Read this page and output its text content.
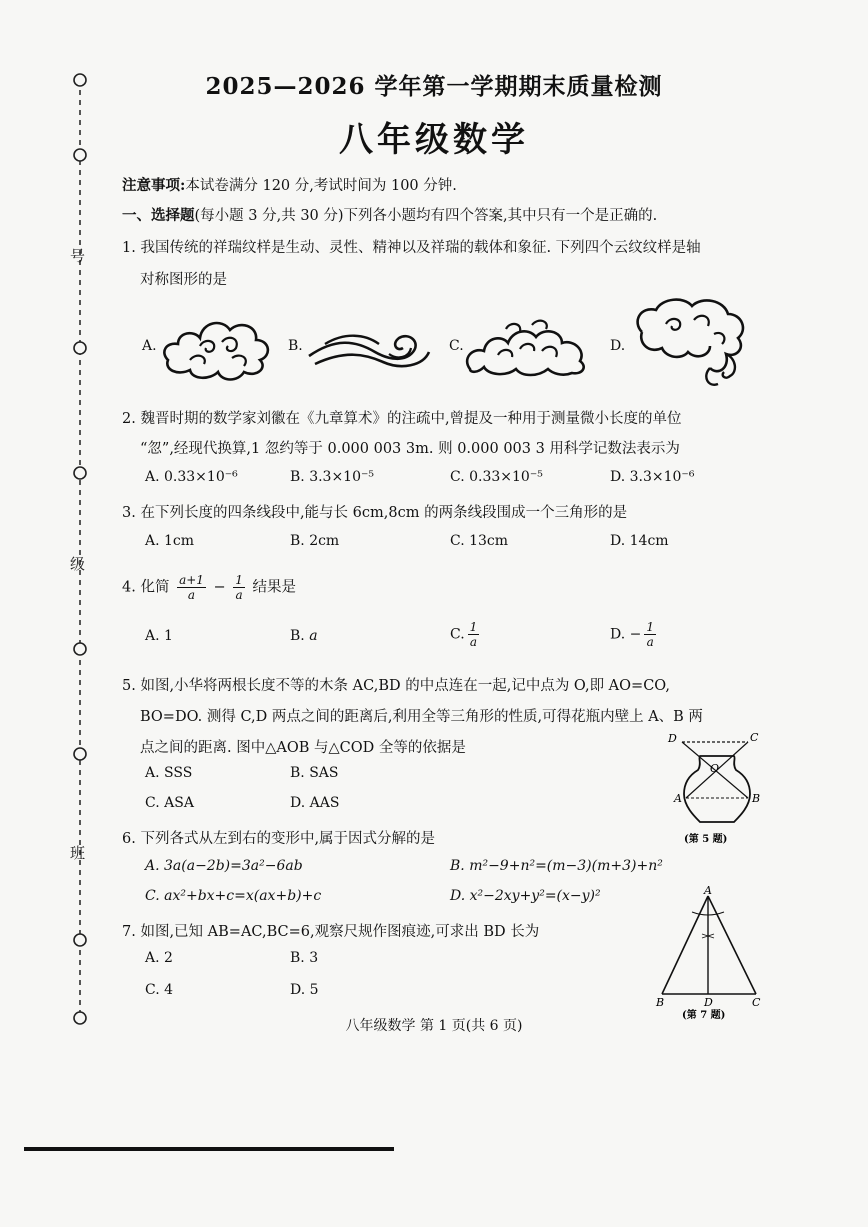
号
级
班
2025—2026 学年第一学期期末质量检测
八年级数学
注意事项:本试卷满分 120 分,考试时间为 100 分钟.
一、选择题(每小题 3 分,共 30 分)下列各小题均有四个答案,其中只有一个是正确的.
1. 我国传统的祥瑞纹样是生动、灵性、精神以及祥瑞的载体和象征. 下列四个云纹纹样是轴
对称图形的是
A.	B.	C.	D.
2. 魏晋时期的数学家刘徽在《九章算术》的注疏中,曾提及一种用于测量微小长度的单位
“忽”,经现代换算,1 忽约等于 0.000 003 3m. 则 0.000 003 3 用科学记数法表示为
A. 0.33×10⁻⁶	B. 3.3×10⁻⁵	C. 0.33×10⁻⁵	D. 3.3×10⁻⁶
3. 在下列长度的四条线段中,能与长 6cm,8cm 的两条线段围成一个三角形的是
A. 1cm	B. 2cm	C. 13cm	D. 14cm
4. 化简 $\frac{a+1}{a} - \frac{1}{a}$ 结果是
A. 1	B. a	C. $\frac{1}{a}$	D. − $\frac{1}{a}$
5. 如图,小华将两根长度不等的木条 AC,BD 的中点连在一起,记中点为 O,即 AO=CO,
BO=DO. 测得 C,D 两点之间的距离后,利用全等三角形的性质,可得花瓶内壁上 A、B 两
点之间的距离. 图中△AOB 与△COD 全等的依据是
A. SSS	B. SAS
C. ASA	D. AAS
D	C
O
A	B
(第 5 题)
6. 下列各式从左到右的变形中,属于因式分解的是
A. 3a(a−2b)=3a²−6ab	B. m²−9+n²=(m−3)(m+3)+n²
C. ax²+bx+c=x(ax+b)+c	D. x²−2xy+y²=(x−y)²
7. 如图,已知 AB=AC,BC=6,观察尺规作图痕迹,可求出 BD 长为
A. 2	B. 3
C. 4	D. 5
A
B	D	C
(第 7 题)
八年级数学 第 1 页(共 6 页)
